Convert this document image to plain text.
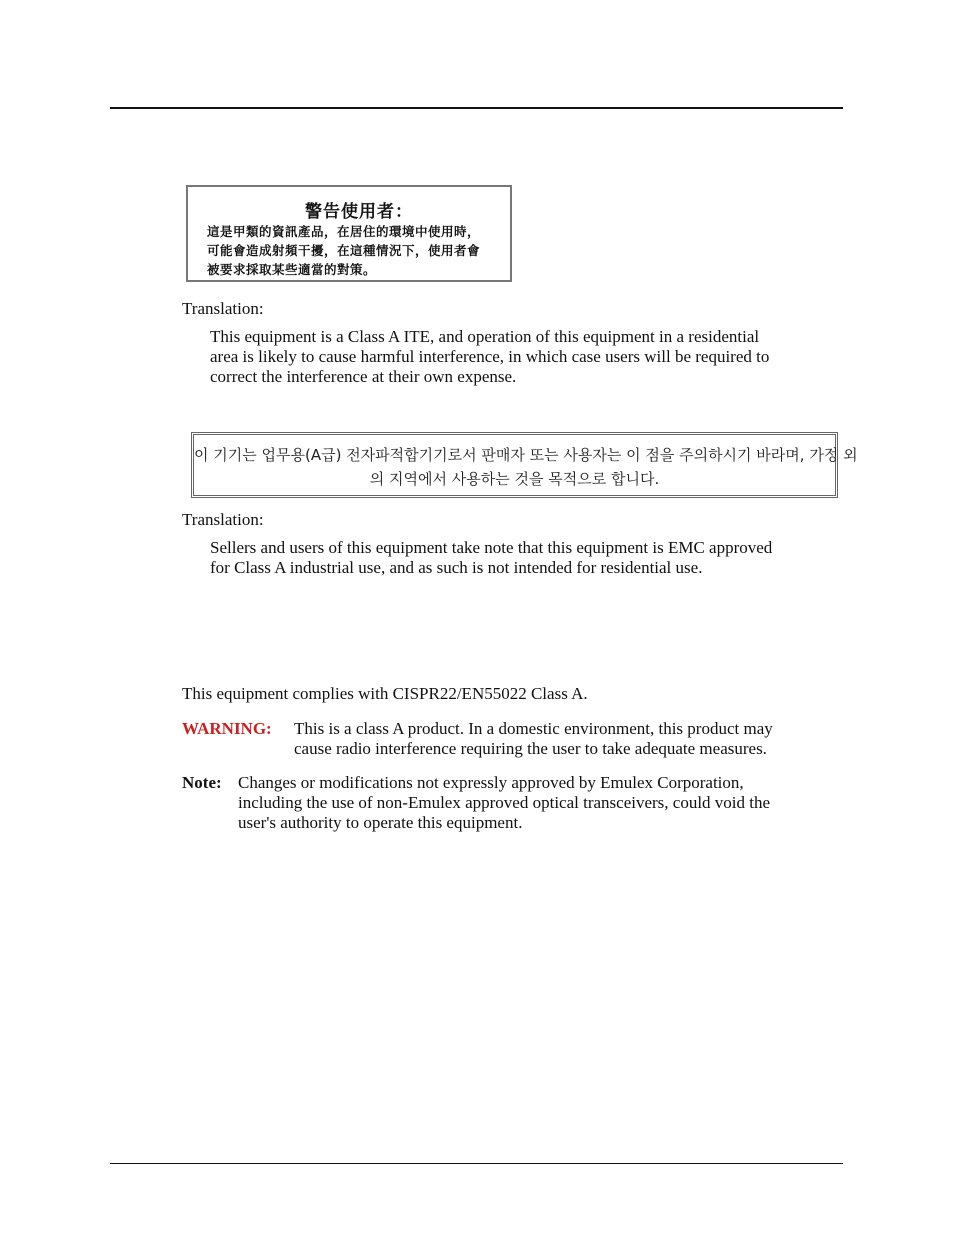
警告使用者：
這是甲類的資訊產品，在居住的環境中使用時，
可能會造成射頻干擾，在這種情況下，使用者會
被要求採取某些適當的對策。
Translation:
This equipment is a Class A ITE, and operation of this equipment in a residential
area is likely to cause harmful interference, in which case users will be required to
correct the interference at their own expense.
이 기기는 업무용(A급) 전자파적합기기로서 판매자 또는 사용자는 이 점을 주의하시기 바라며, 가정 외
의 지역에서 사용하는 것을 목적으로 합니다.
Translation:
Sellers and users of this equipment take note that this equipment is EMC approved
for Class A industrial use, and as such is not intended for residential use.
This equipment complies with CISPR22/EN55022 Class A.
WARNING: This is a class A product. In a domestic environment, this product may
cause radio interference requiring the user to take adequate measures.
Note: Changes or modifications not expressly approved by Emulex Corporation,
including the use of non-Emulex approved optical transceivers, could void the
user's authority to operate this equipment.
